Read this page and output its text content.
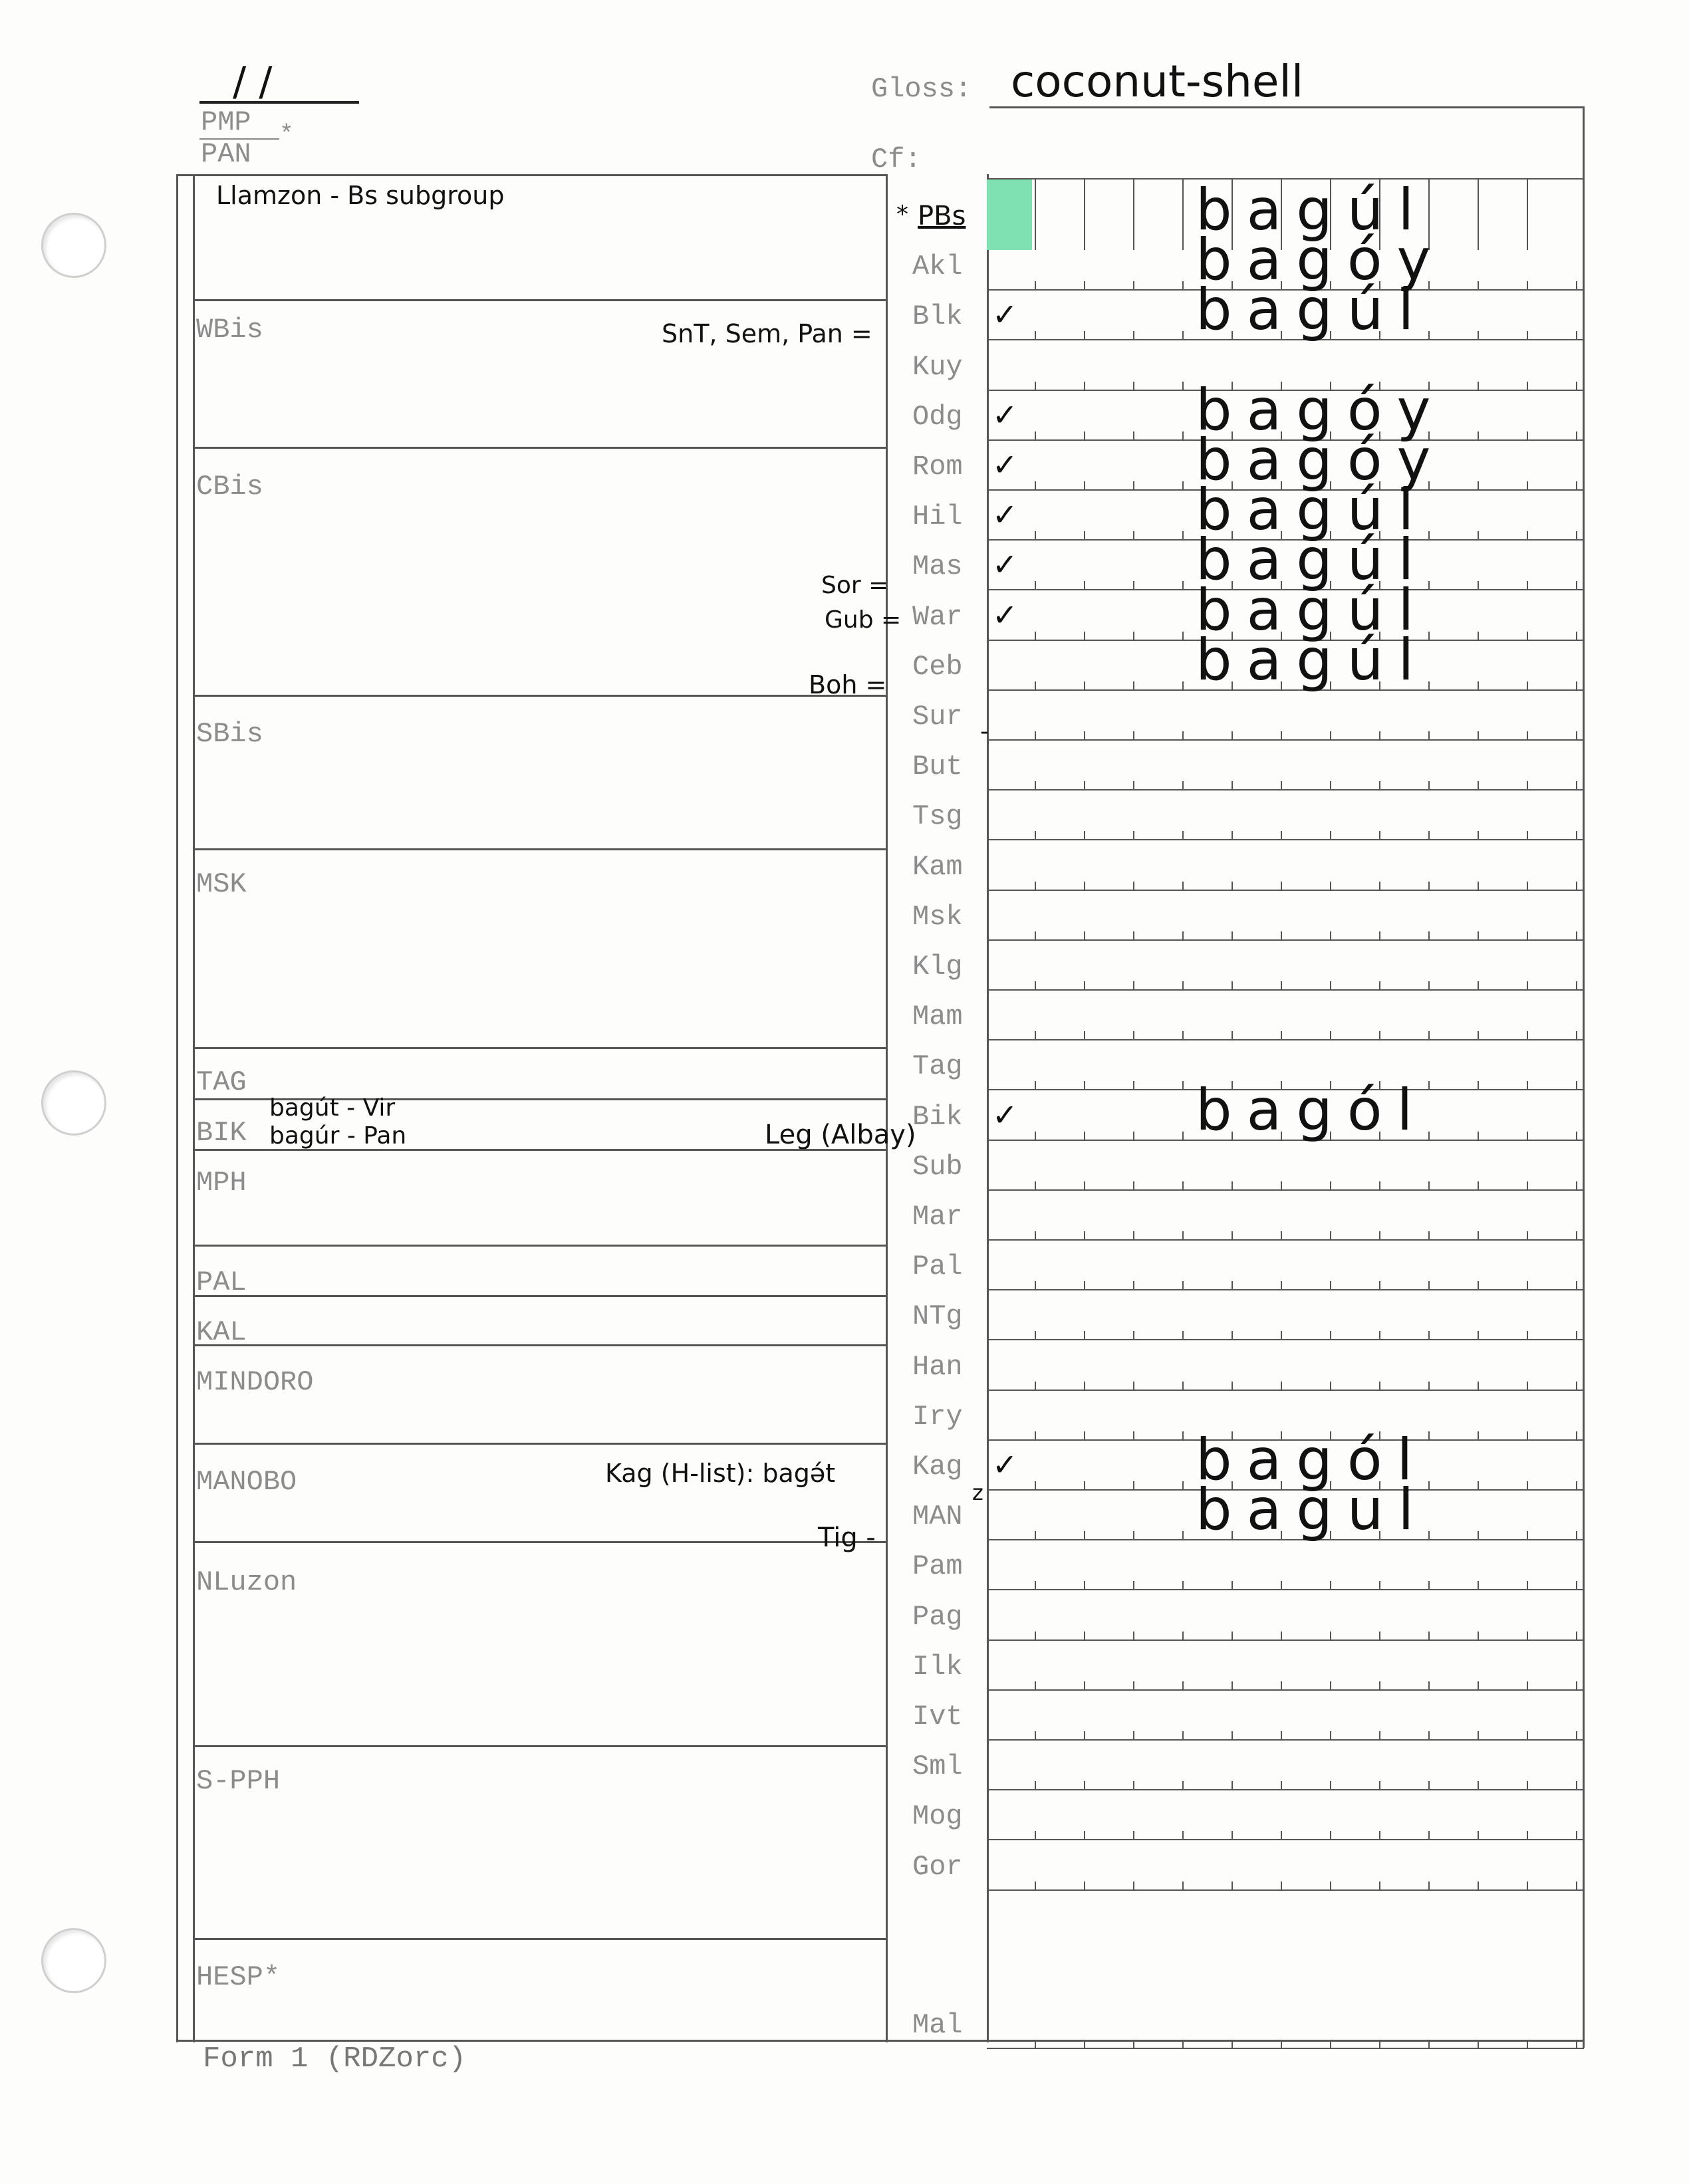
/ /
PMP *
PAN
Gloss: coconut-shell
Cf:
Llamzon - Bs subgroup
WBis
CBis
SBis
MSK
TAG
BIK
MPH
PAL
KAL
MINDORO
MANOBO
NLuzon
S-PPH
HESP*
bagút - Vir
bagúr - Pan
SnT, Sem, Pan =
Sor =
Gub =
Boh =
Leg (Albay)
Kag (H-list): bagə́t
Tig -
-
z
PBs
*	bagúl
Akl	bagóy
Blk ✓	bagúl
Kuy
Odg ✓	bagóy
Rom ✓	bagóy
Hil ✓	bagúl
Mas ✓	bagúl
War ✓	bagúl
Ceb	bagúl
Sur
But
Tsg
Kam
Msk
Klg
Mam
Tag
Bik ✓	bagól
Sub
Mar
Pal
NTg
Han
Iry
Kag ✓	bagól
MAN	bagul
Pam
Pag
Ilk
Ivt
Sml
Mog
Gor
Mal
Form 1 (RDZorc)
